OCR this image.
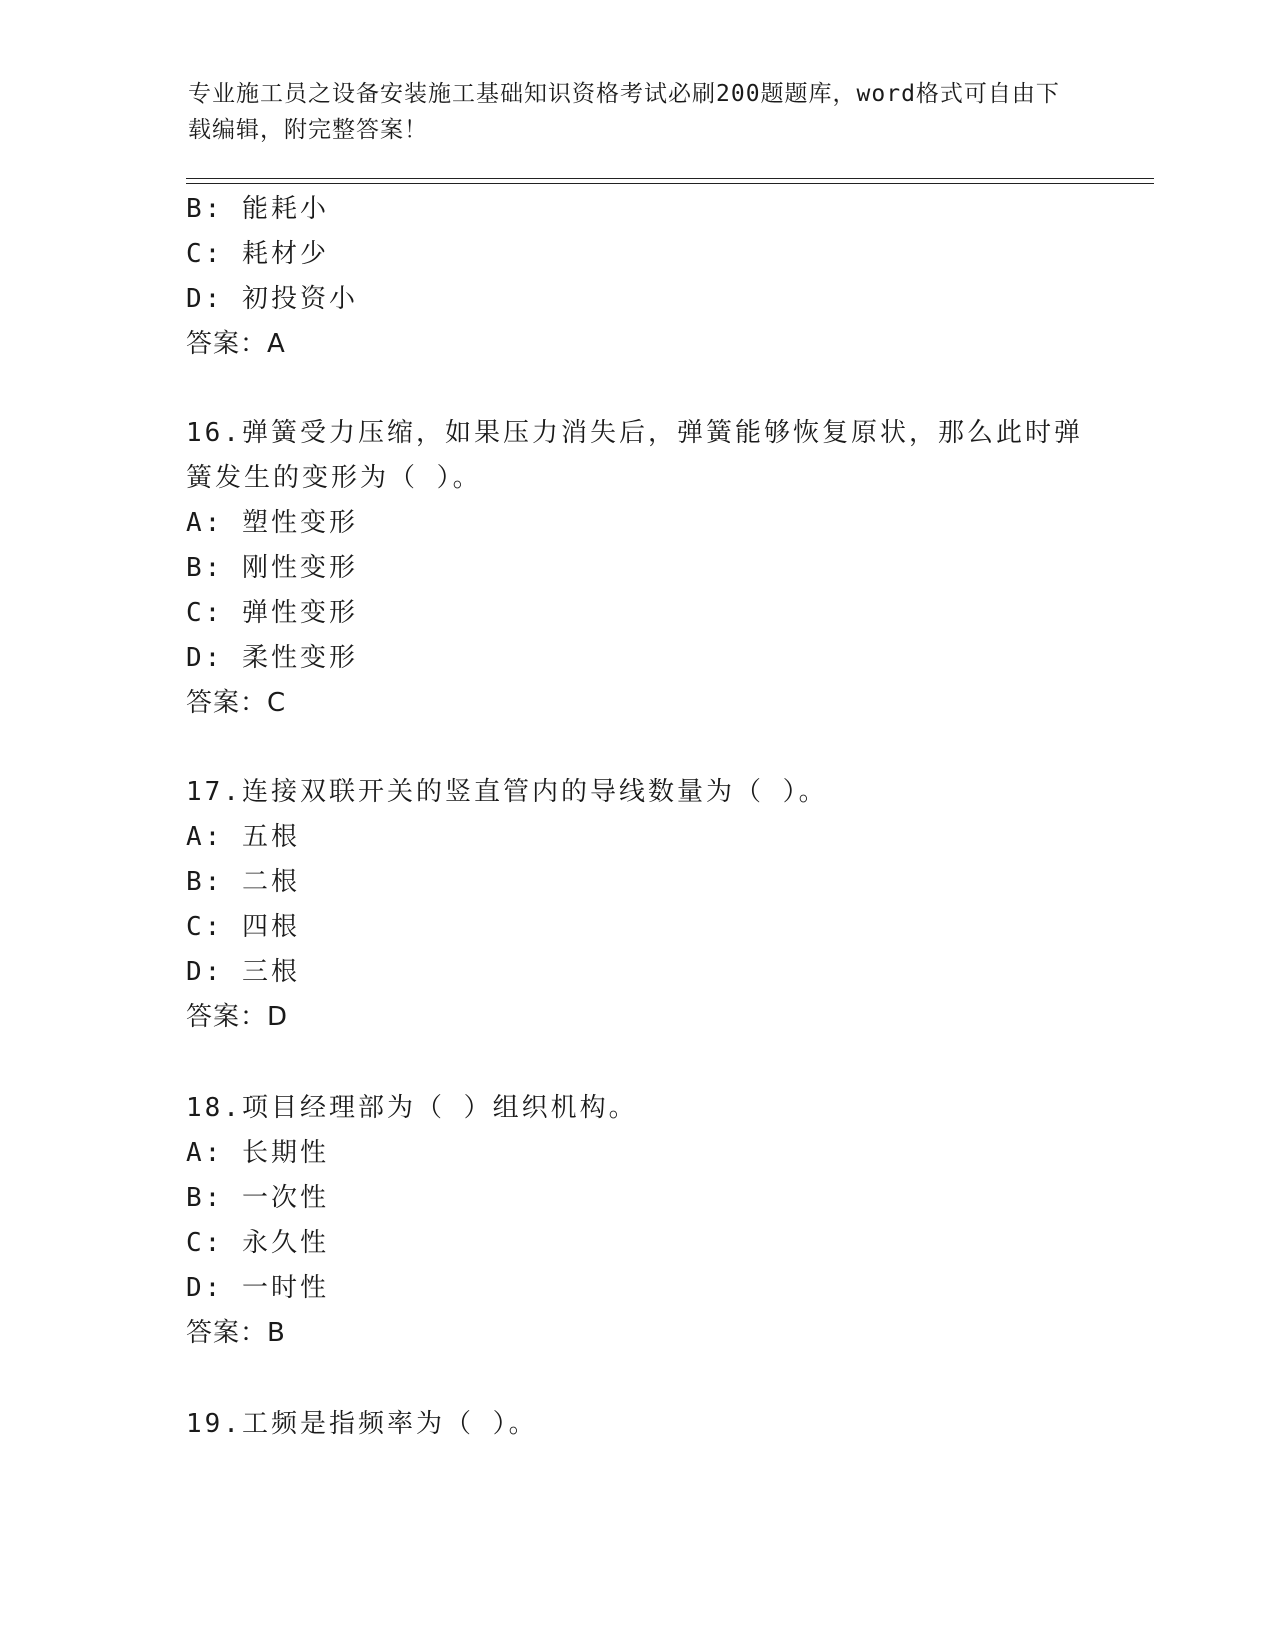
专业施工员之设备安装施工基础知识资格考试必刷200题题库，word格式可自由下载编辑，附完整答案！
B: 能耗小
C: 耗材少
D: 初投资小
答案：A
16.弹簧受力压缩，如果压力消失后，弹簧能够恢复原状，那么此时弹
簧发生的变形为（ ）。
A: 塑性变形
B: 刚性变形
C: 弹性变形
D: 柔性变形
答案：C
17.连接双联开关的竖直管内的导线数量为（ ）。
A: 五根
B: 二根
C: 四根
D: 三根
答案：D
18.项目经理部为（ ）组织机构。
A: 长期性
B: 一次性
C: 永久性
D: 一时性
答案：B
19.工频是指频率为（ ）。
